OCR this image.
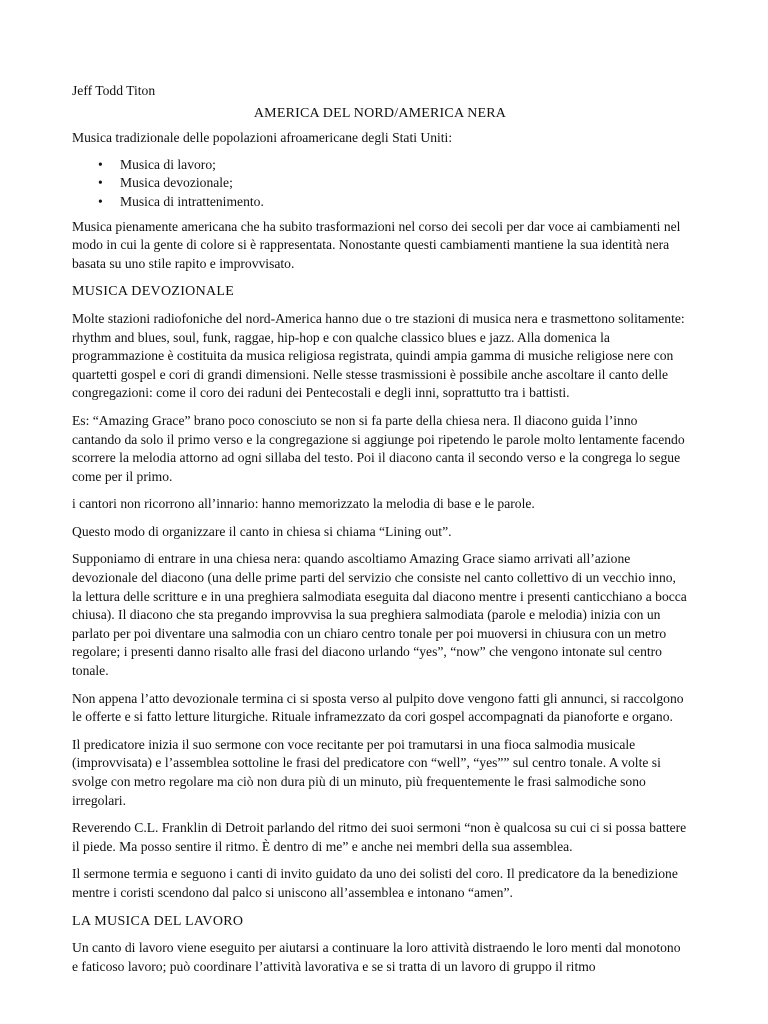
Jeff Todd Titon

AMERICA DEL NORD/AMERICA NERA

Musica tradizionale delle popolazioni afroamericane degli Stati Uniti:

• Musica di lavoro;
• Musica devozionale;
• Musica di intrattenimento.

Musica pienamente americana che ha subito trasformazioni nel corso dei secoli per dar voce ai cambiamenti nel modo in cui la gente di colore si è rappresentata. Nonostante questi cambiamenti mantiene la sua identità nera basata su uno stile rapito e improvvisato.

MUSICA DEVOZIONALE

Molte stazioni radiofoniche del nord-America hanno due o tre stazioni di musica nera e trasmettono solitamente: rhythm and blues, soul, funk, raggae, hip-hop e con qualche classico blues e jazz. Alla domenica la programmazione è costituita da musica religiosa registrata, quindi ampia gamma di musiche religiose nere con quartetti gospel e cori di grandi dimensioni. Nelle stesse trasmissioni è possibile anche ascoltare il canto delle congregazioni: come il coro dei raduni dei Pentecostali e degli inni, soprattutto tra i battisti.

Es: “Amazing Grace” brano poco conosciuto se non si fa parte della chiesa nera. Il diacono guida l’inno cantando da solo il primo verso e la congregazione si aggiunge poi ripetendo le parole molto lentamente facendo scorrere la melodia attorno ad ogni sillaba del testo. Poi il diacono canta il secondo verso e la congrega lo segue come per il primo.

i cantori non ricorrono all’innario: hanno memorizzato la melodia di base e le parole.

Questo modo di organizzare il canto in chiesa si chiama “Lining out”.

Supponiamo di entrare in una chiesa nera: quando ascoltiamo Amazing Grace siamo arrivati all’azione devozionale del diacono (una delle prime parti del servizio che consiste nel canto collettivo di un vecchio inno, la lettura delle scritture e in una preghiera salmodiata eseguita dal diacono mentre i presenti canticchiano a bocca chiusa). Il diacono che sta pregando improvvisa la sua preghiera salmodiata (parole e melodia) inizia con un parlato per poi diventare una salmodia con un chiaro centro tonale per poi muoversi in chiusura con un metro regolare; i presenti danno risalto alle frasi del diacono urlando “yes”, “now” che vengono intonate sul centro tonale.

Non appena l’atto devozionale termina ci si sposta verso al pulpito dove vengono fatti gli annunci, si raccolgono le offerte e si fatto letture liturgiche. Rituale inframezzato da cori gospel accompagnati da pianoforte e organo.

Il predicatore inizia il suo sermone con voce recitante per poi tramutarsi in una fioca salmodia musicale (improvvisata) e l’assemblea sottoline le frasi del predicatore con “well”, “yes”” sul centro tonale. A volte si svolge con metro regolare ma ciò non dura più di un minuto, più frequentemente le frasi salmodiche sono irregolari.

Reverendo C.L. Franklin di Detroit parlando del ritmo dei suoi sermoni “non è qualcosa su cui ci si possa battere il piede. Ma posso sentire il ritmo. È dentro di me” e anche nei membri della sua assemblea.

Il sermone termia e seguono i canti di invito guidato da uno dei solisti del coro. Il predicatore da la benedizione mentre i coristi scendono dal palco si uniscono all’assemblea e intonano “amen”.

LA MUSICA DEL LAVORO

Un canto di lavoro viene eseguito per aiutarsi a continuare la loro attività distraendo le loro menti dal monotono e faticoso lavoro; può coordinare l’attività lavorativa e se si tratta di un lavoro di gruppo il ritmo
